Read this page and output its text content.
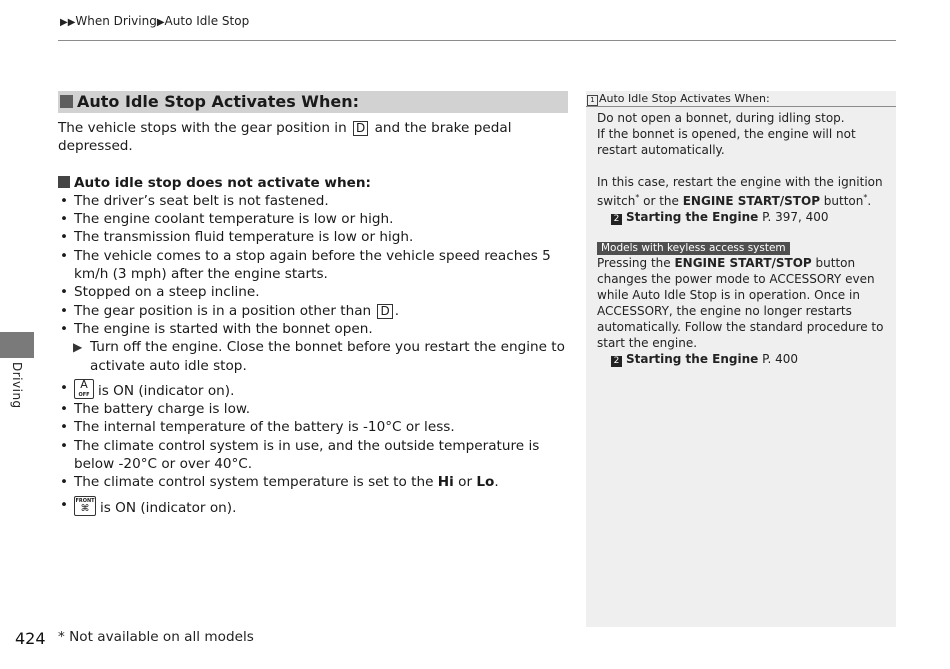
▶▶When Driving▶Auto Idle Stop
Driving
Auto Idle Stop Activates When:

The vehicle stops with the gear position in D and the brake pedal depressed.

Auto idle stop does not activate when:
• The driver’s seat belt is not fastened.
• The engine coolant temperature is low or high.
• The transmission fluid temperature is low or high.
• The vehicle comes to a stop again before the vehicle speed reaches 5 km/h (3 mph) after the engine starts.
• Stopped on a steep incline.
• The gear position is in a position other than D .
• The engine is started with the bonnet open.
▶ Turn off the engine. Close the bonnet before you restart the engine to activate auto idle stop.
• A
OFF is ON (indicator on).
• The battery charge is low.
• The internal temperature of the battery is -10°C or less.
• The climate control system is in use, and the outside temperature is below -20°C or over 40°C.
• The climate control system temperature is set to the Hi or Lo.
• FRONT
⌘ is ON (indicator on).
1 Auto Idle Stop Activates When:

Do not open a bonnet, during idling stop.

If the bonnet is opened, the engine will not restart automatically.

In this case, restart the engine with the ignition switch* or the ENGINE START/STOP button*.

2 Starting the Engine P. 397, 400

Models with keyless access system

Pressing the ENGINE START/STOP button changes the power mode to ACCESSORY even while Auto Idle Stop is in operation. Once in ACCESSORY, the engine no longer restarts automatically. Follow the standard procedure to start the engine.

2 Starting the Engine P. 400

424 * Not available on all models
